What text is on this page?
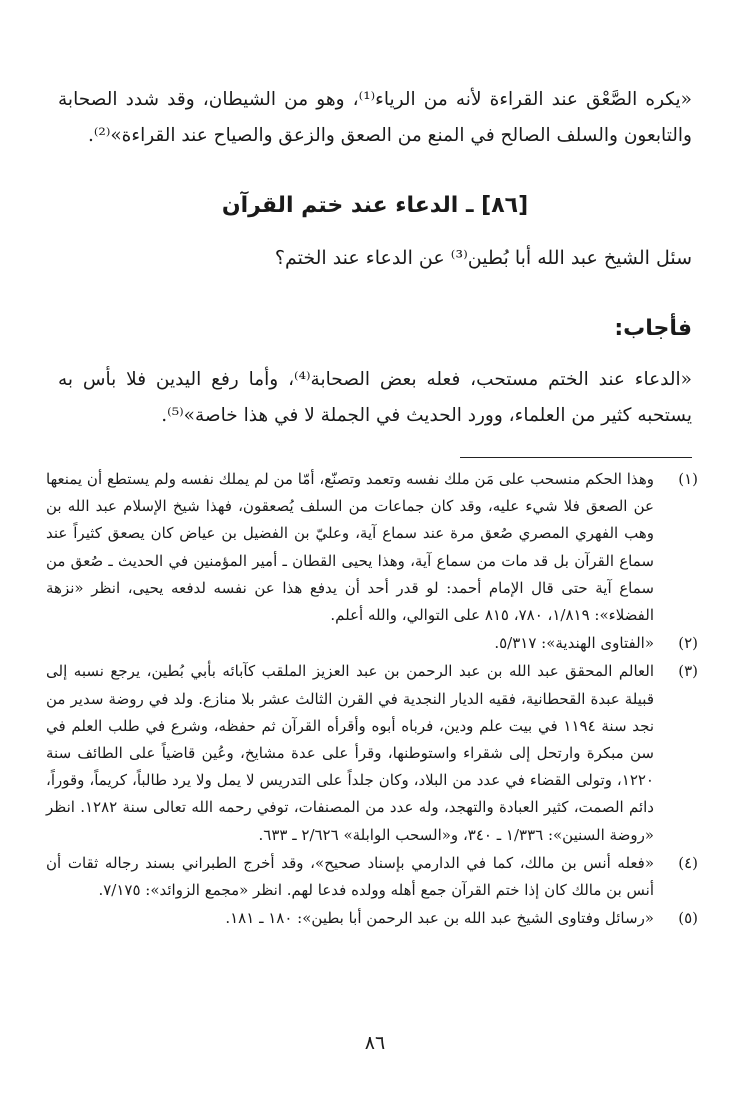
«يكره الصَّعْق عند القراءة لأنه من الرياء⁽¹⁾، وهو من الشيطان، وقد شدد الصحابة والتابعون والسلف الصالح في المنع من الصعق والزعق والصياح عند القراءة»⁽²⁾.

[٨٦] ـ الدعاء عند ختم القرآن

سئل الشيخ عبد الله أبا بُطين⁽³⁾ عن الدعاء عند الختم؟

فأجاب:

«الدعاء عند الختم مستحب، فعله بعض الصحابة⁽⁴⁾، وأما رفع اليدين فلا بأس به يستحبه كثير من العلماء، وورد الحديث في الجملة لا في هذا خاصة»⁽⁵⁾.

(١)
وهذا الحكم منسحب على مَن ملك نفسه وتعمد وتصنّع، أمّا من لم يملك نفسه ولم يستطع أن يمنعها عن الصعق فلا شيء عليه، وقد كان جماعات من السلف يُصعقون، فهذا شيخ الإسلام عبد الله بن وهب الفهري المصري صُعق مرة عند سماع آية، وعليّ بن الفضيل بن عياض كان يصعق كثيراً عند سماع القرآن بل قد مات من سماع آية، وهذا يحيى القطان ـ أمير المؤمنين في الحديث ـ صُعق من سماع آية حتى قال الإمام أحمد: لو قدر أحد أن يدفع هذا عن نفسه لدفعه يحيى، انظر «نزهة الفضلاء»: ١/٨١٩، ٧٨٠، ٨١٥ على التوالي، والله أعلم.
(٢)
«الفتاوى الهندية»: ٥/٣١٧.
(٣)
العالم المحقق عبد الله بن عبد الرحمن بن عبد العزيز الملقب كآبائه بأبي بُطين، يرجع نسبه إلى قبيلة عبدة القحطانية، فقيه الديار النجدية في القرن الثالث عشر بلا منازع. ولد في روضة سدير من نجد سنة ١١٩٤ في بيت علم ودين، فرباه أبوه وأقرأه القرآن ثم حفظه، وشرع في طلب العلم في سن مبكرة وارتحل إلى شقراء واستوطنها، وقرأ على عدة مشايخ، وعُين قاضياً على الطائف سنة ١٢٢٠، وتولى القضاء في عدد من البلاد، وكان جلداً على التدريس لا يمل ولا يرد طالباً، كريماً، وقوراً، دائم الصمت، كثير العبادة والتهجد، وله عدد من المصنفات، توفي رحمه الله تعالى سنة ١٢٨٢. انظر «روضة السنين»: ١/٣٣٦ ـ ٣٤٠، و«السحب الوابلة» ٢/٦٢٦ ـ ٦٣٣.
(٤)
«فعله أنس بن مالك، كما في الدارمي بإسناد صحيح»، وقد أخرج الطبراني بسند رجاله ثقات أن أنس بن مالك كان إذا ختم القرآن جمع أهله وولده فدعا لهم. انظر «مجمع الزوائد»: ٧/١٧٥.
(٥)
«رسائل وفتاوى الشيخ عبد الله بن عبد الرحمن أبا بطين»: ١٨٠ ـ ١٨١.
٨٦
